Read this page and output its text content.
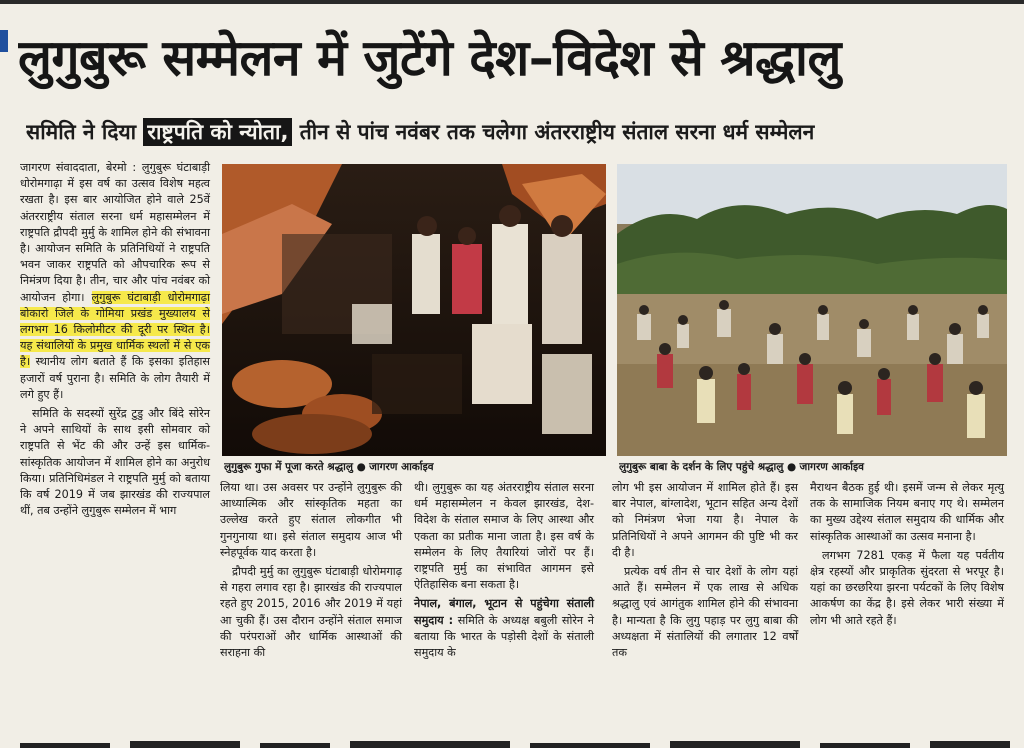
लुगुबुरू सम्मेलन में जुटेंगे देश–विदेश से श्रद्धालु
समिति ने दिया राष्ट्रपति को न्योता, तीन से पांच नवंबर तक चलेगा अंतरराष्ट्रीय संताल सरना धर्म सम्मेलन

जागरण संवाददाता, बेरमो : लुगुबुरू घंटाबाड़ी धोरोमगाढ़ा में इस वर्ष का उत्सव विशेष महत्व रखता है। इस बार आयोजित होने वाले 25वें अंतरराष्ट्रीय संताल सरना धर्म महासम्मेलन में राष्ट्रपति द्रौपदी मुर्मु के शामिल होने की संभावना है। आयोजन समिति के प्रतिनिधियों ने राष्ट्रपति भवन जाकर राष्ट्रपति को औपचारिक रूप से निमंत्रण दिया है। तीन, चार और पांच नवंबर को आयोजन होगा। लुगुबुरू घंटाबाड़ी धोरोमगाढ़ा बोकारो जिले के गोमिया प्रखंड मुख्यालय से लगभग 16 किलोमीटर की दूरी पर स्थित है। यह संथालियों के प्रमुख धार्मिक स्थलों में से एक है। स्थानीय लोग बताते हैं कि इसका इतिहास हजारों वर्ष पुराना है। समिति के लोग तैयारी में लगे हुए हैं।

समिति के सदस्यों सुरेंद्र टुडु और बिंदे सोरेन ने अपने साथियों के साथ इसी सोमवार को राष्ट्रपति से भेंट की और उन्हें इस धार्मिक-सांस्कृतिक आयोजन में शामिल होने का अनुरोध किया। प्रतिनिधिमंडल ने राष्ट्रपति मुर्मु को बताया कि वर्ष 2019 में जब झारखंड की राज्यपाल थीं, तब उन्होंने लुगुबुरू सम्मेलन में भाग

लुगुबुरू गुफा में पूजा करते श्रद्धालु ● जागरण आर्काइव	लुगुबुरू बाबा के दर्शन के लिए पहुंचे श्रद्धालु ● जागरण आर्काइव

लिया था। उस अवसर पर उन्होंने लुगुबुरू की आध्यात्मिक और सांस्कृतिक महता का उल्लेख करते हुए संताल लोकगीत भी गुनगुनाया था। इसे संताल समुदाय आज भी स्नेहपूर्वक याद करता है।

द्रौपदी मुर्मु का लुगुबुरू घंटाबाड़ी धोरोमगाढ़ से गहरा लगाव रहा है। झारखंड की राज्यपाल रहते हुए 2015, 2016 और 2019 में यहां आ चुकी हैं। उस दौरान उन्होंने संताल समाज की परंपराओं और धार्मिक आस्थाओं की सराहना की

थी। लुगुबुरू का यह अंतरराष्ट्रीय संताल सरना धर्म महासम्मेलन न केवल झारखंड, देश-विदेश के संताल समाज के लिए आस्था और एकता का प्रतीक माना जाता है। इस वर्ष के सम्मेलन के लिए तैयारियां जोरों पर हैं। राष्ट्रपति मुर्मु का संभावित आगमन इसे ऐतिहासिक बना सकता है।

नेपाल, बंगाल, भूटान से पहुंचेगा संताली समुदाय : समिति के अध्यक्ष बबुली सोरेन ने बताया कि भारत के पड़ोसी देशों के संताली समुदाय के

लोग भी इस आयोजन में शामिल होते हैं। इस बार नेपाल, बांग्लादेश, भूटान सहित अन्य देशों को निमंत्रण भेजा गया है। नेपाल के प्रतिनिधियों ने अपने आगमन की पुष्टि भी कर दी है।

प्रत्येक वर्ष तीन से चार देशों के लोग यहां आते हैं। सम्मेलन में एक लाख से अधिक श्रद्धालु एवं आगंतुक शामिल होने की संभावना है। मान्यता है कि लुगु पहाड़ पर लुगु बाबा की अध्यक्षता में संतालियों की लगातार 12 वर्षों तक

मैराथन बैठक हुई थी। इसमें जन्म से लेकर मृत्यु तक के सामाजिक नियम बनाए गए थे। सम्मेलन का मुख्य उद्देश्य संताल समुदाय की धार्मिक और सांस्कृतिक आस्थाओं का उत्सव मनाना है।

लगभग 7281 एकड़ में फैला यह पर्वतीय क्षेत्र रहस्यों और प्राकृतिक सुंदरता से भरपूर है। यहां का छरछरिया झरना पर्यटकों के लिए विशेष आकर्षण का केंद्र है। इसे लेकर भारी संख्या में लोग भी आते रहते हैं।
